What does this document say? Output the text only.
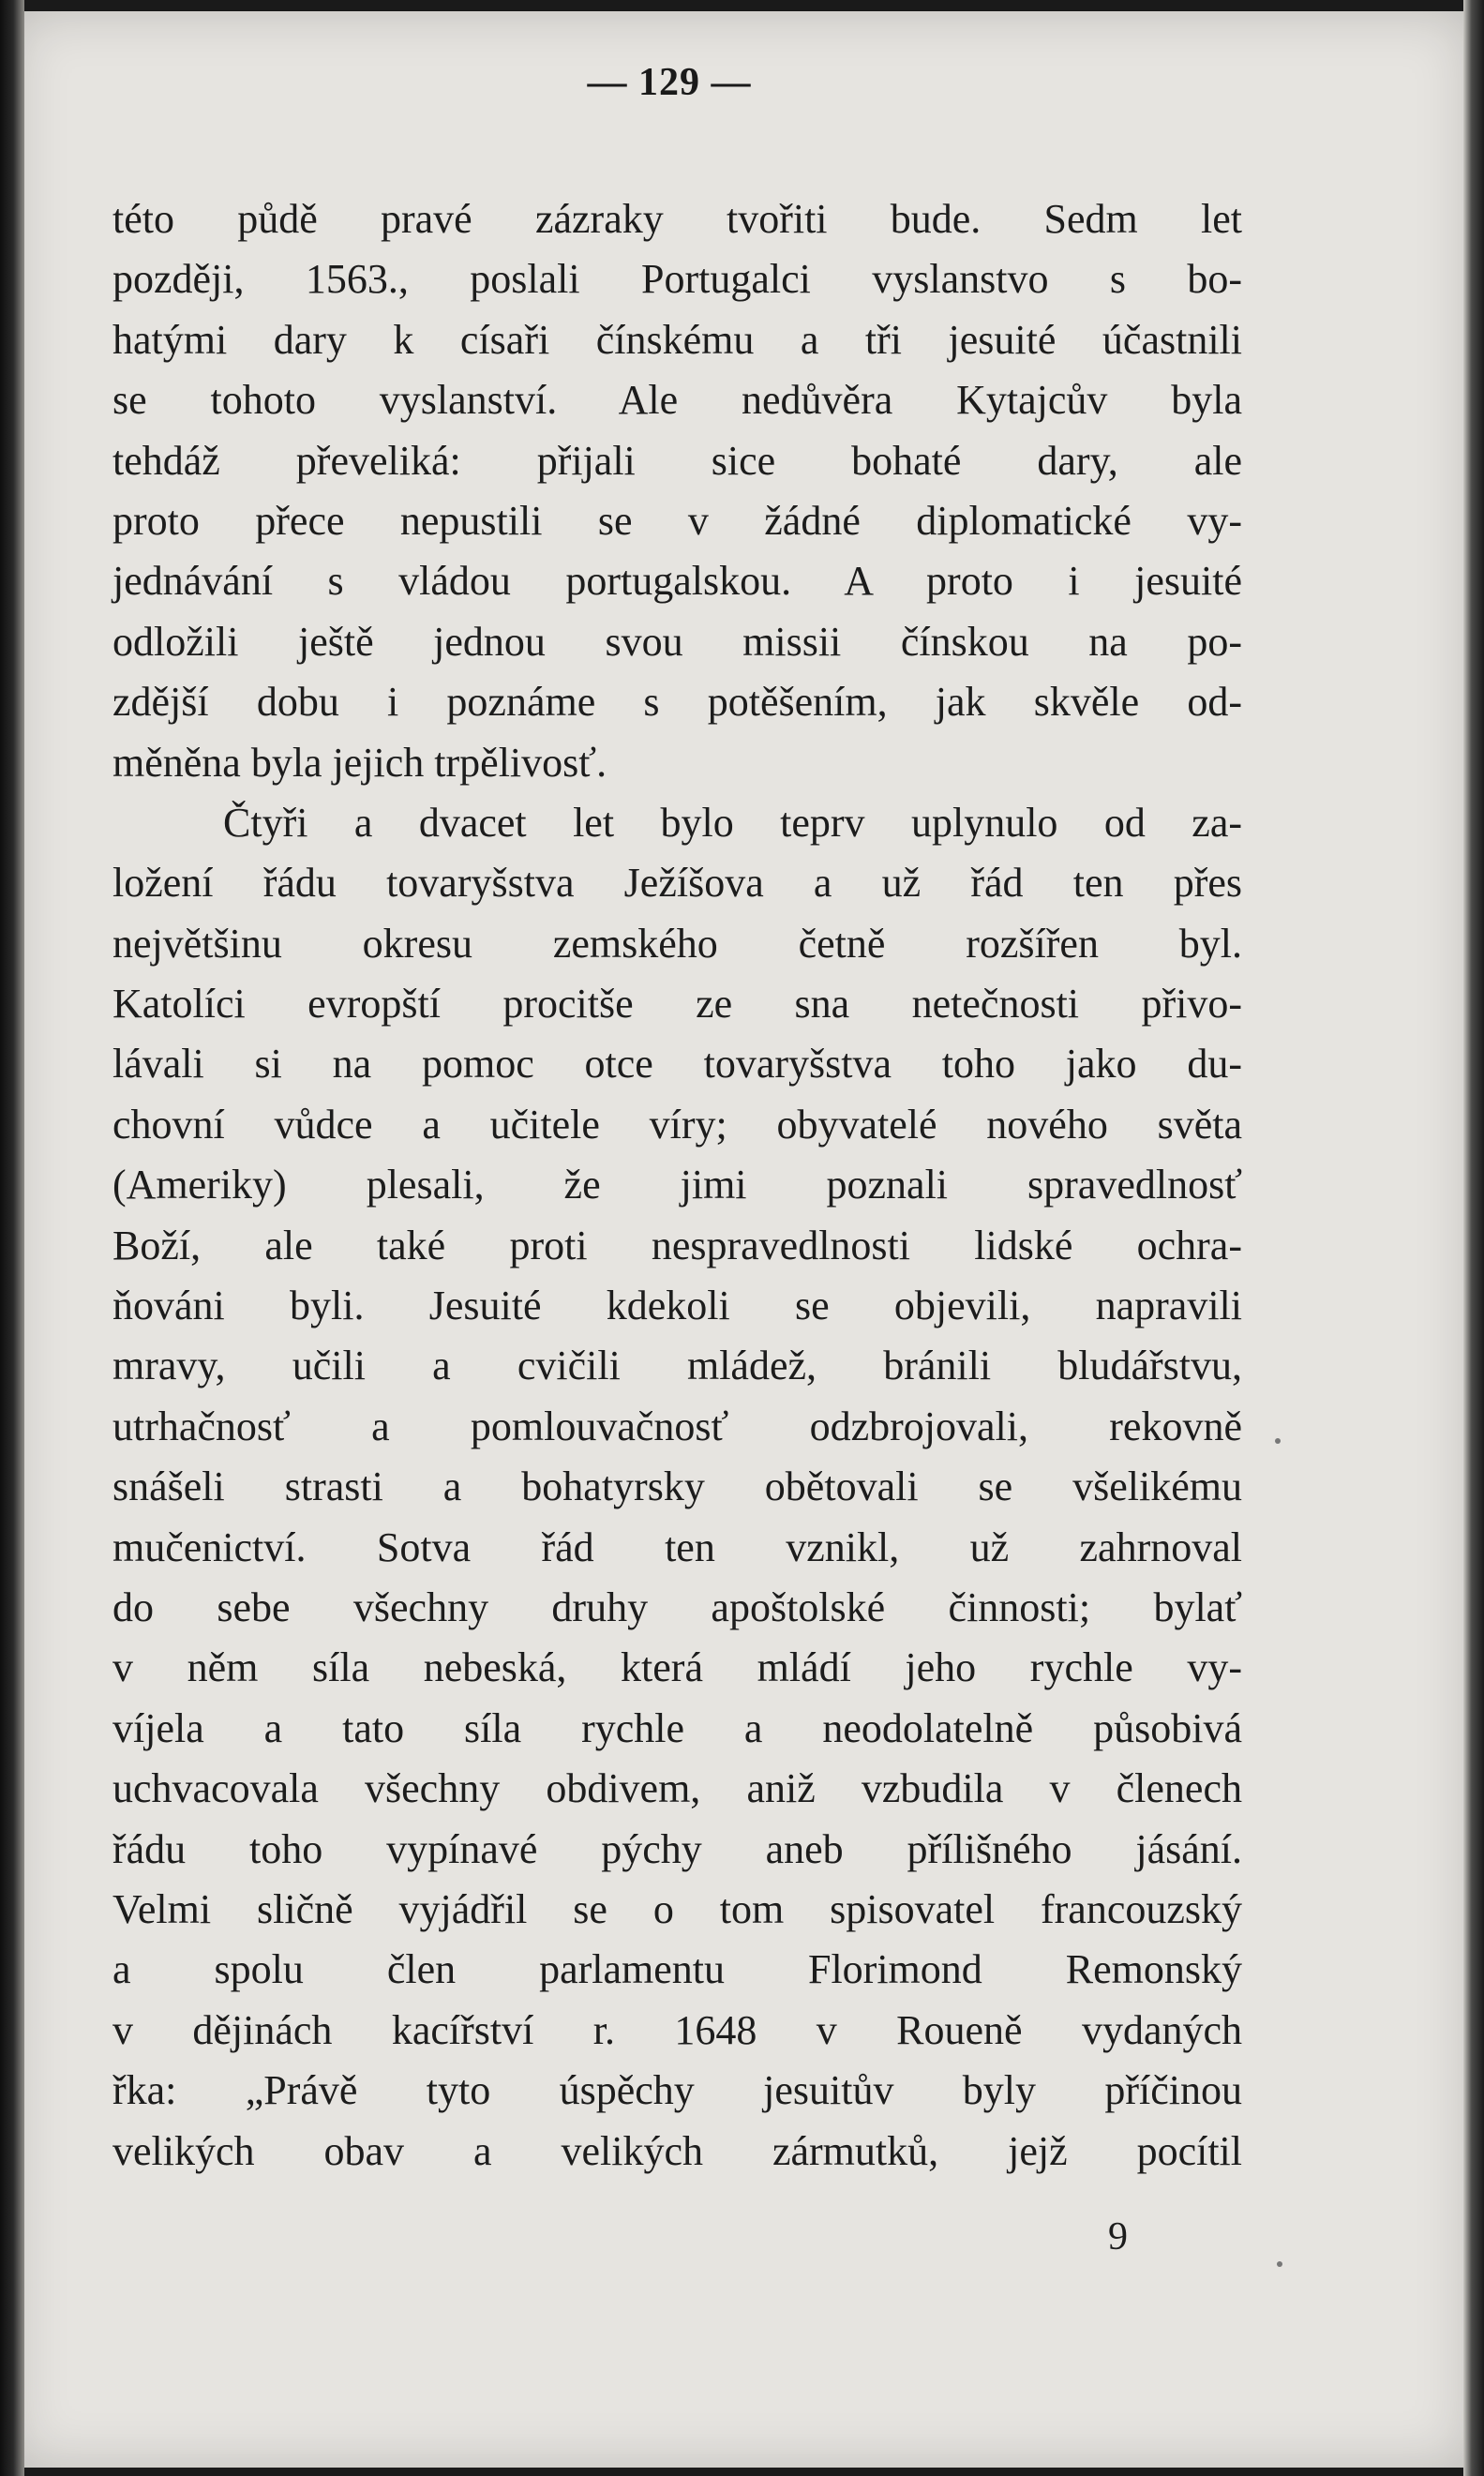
— 129 —
této půdě pravé zázraky tvořiti bude. Sedm let
později, 1563., poslali Portugalci vyslanstvo s bo-
hatými dary k císaři čínskému a tři jesuité účastnili
se tohoto vyslanství. Ale nedůvěra Kytajcův byla
tehdáž převeliká: přijali sice bohaté dary, ale
proto přece nepustili se v žádné diplomatické vy-
jednávání s vládou portugalskou. A proto i jesuité
odložili ještě jednou svou missii čínskou na po-
zdější dobu i poznáme s potěšením, jak skvěle od-
měněna byla jejich trpělivosť.
Čtyři a dvacet let bylo teprv uplynulo od za-
ložení řádu tovaryšstva Ježíšova a už řád ten přes
největšinu okresu zemského četně rozšířen byl.
Katolíci evropští procitše ze sna netečnosti přivo-
lávali si na pomoc otce tovaryšstva toho jako du-
chovní vůdce a učitele víry; obyvatelé nového světa
(Ameriky) plesali, že jimi poznali spravedlnosť
Boží, ale také proti nespravedlnosti lidské ochra-
ňováni byli. Jesuité kdekoli se objevili, napravili
mravy, učili a cvičili mládež, bránili bludářstvu,
utrhačnosť a pomlouvačnosť odzbrojovali, rekovně
snášeli strasti a bohatyrsky obětovali se všelikému
mučenictví. Sotva řád ten vznikl, už zahrnoval
do sebe všechny druhy apoštolské činnosti; bylať
v něm síla nebeská, která mládí jeho rychle vy-
víjela a tato síla rychle a neodolatelně působivá
uchvacovala všechny obdivem, aniž vzbudila v členech
řádu toho vypínavé pýchy aneb přílišného jásání.
Velmi sličně vyjádřil se o tom spisovatel francouzský
a spolu člen parlamentu Florimond Remonský
v dějinách kacířství r. 1648 v Roueně vydaných
řka: „Právě tyto úspěchy jesuitův byly příčinou
velikých obav a velikých zármutků, jejž pocítil
9
